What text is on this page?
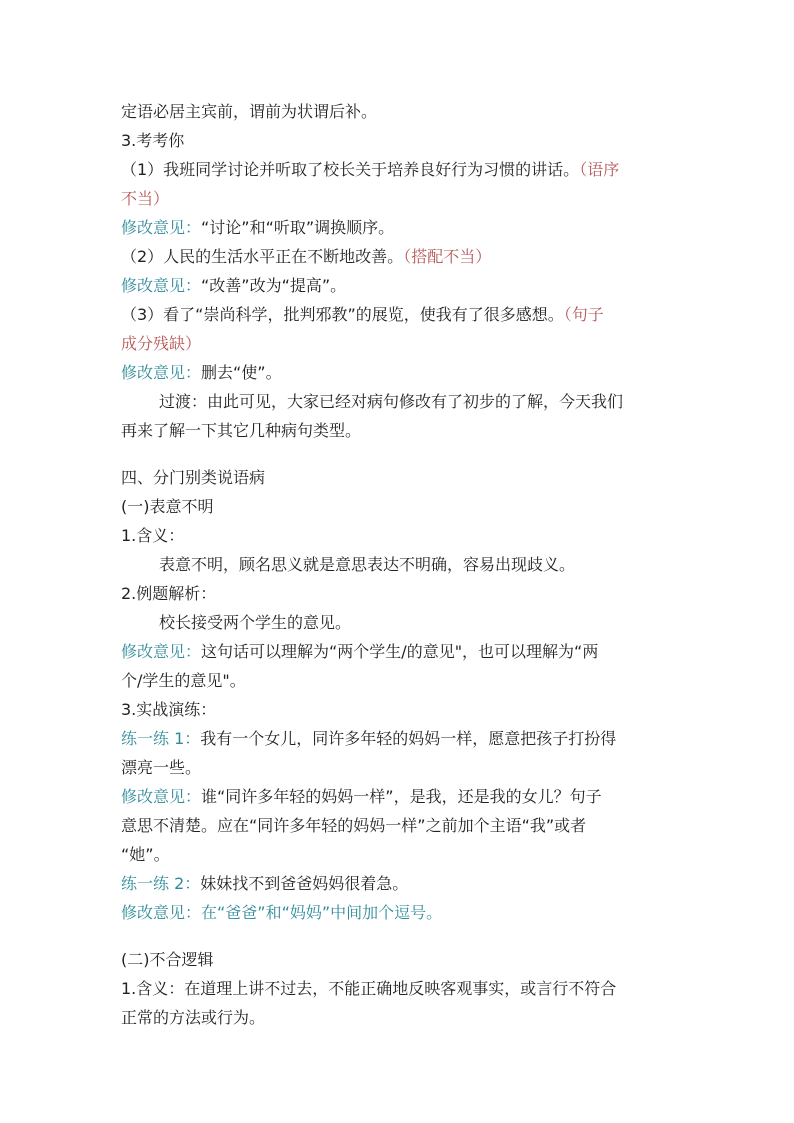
定语必居主宾前，谓前为状谓后补。

3.考考你

（1）我班同学讨论并听取了校长关于培养良好行为习惯的讲话。（语序

不当）

修改意见：“讨论”和“听取”调换顺序。

（2）人民的生活水平正在不断地改善。（搭配不当）

修改意见：“改善”改为“提高”。

（3）看了“崇尚科学，批判邪教”的展览，使我有了很多感想。（句子

成分残缺）

修改意见：删去“使”。

过渡：由此可见，大家已经对病句修改有了初步的了解，今天我们

再来了解一下其它几种病句类型。

四、分门别类说语病

(一)表意不明

1.含义：

表意不明，顾名思义就是意思表达不明确，容易出现歧义。

2.例题解析：

校长接受两个学生的意见。

修改意见：这句话可以理解为“两个学生/的意见"，也可以理解为“两

个/学生的意见"。

3.实战演练：

练一练 1：我有一个女儿，同许多年轻的妈妈一样，愿意把孩子打扮得

漂亮一些。

修改意见：谁“同许多年轻的妈妈一样”，是我，还是我的女儿？句子

意思不清楚。应在“同许多年轻的妈妈一样”之前加个主语“我”或者

“她”。

练一练 2：妹妹找不到爸爸妈妈很着急。

修改意见：在“爸爸”和“妈妈”中间加个逗号。

(二)不合逻辑

1.含义：在道理上讲不过去，不能正确地反映客观事实，或言行不符合

正常的方法或行为。
